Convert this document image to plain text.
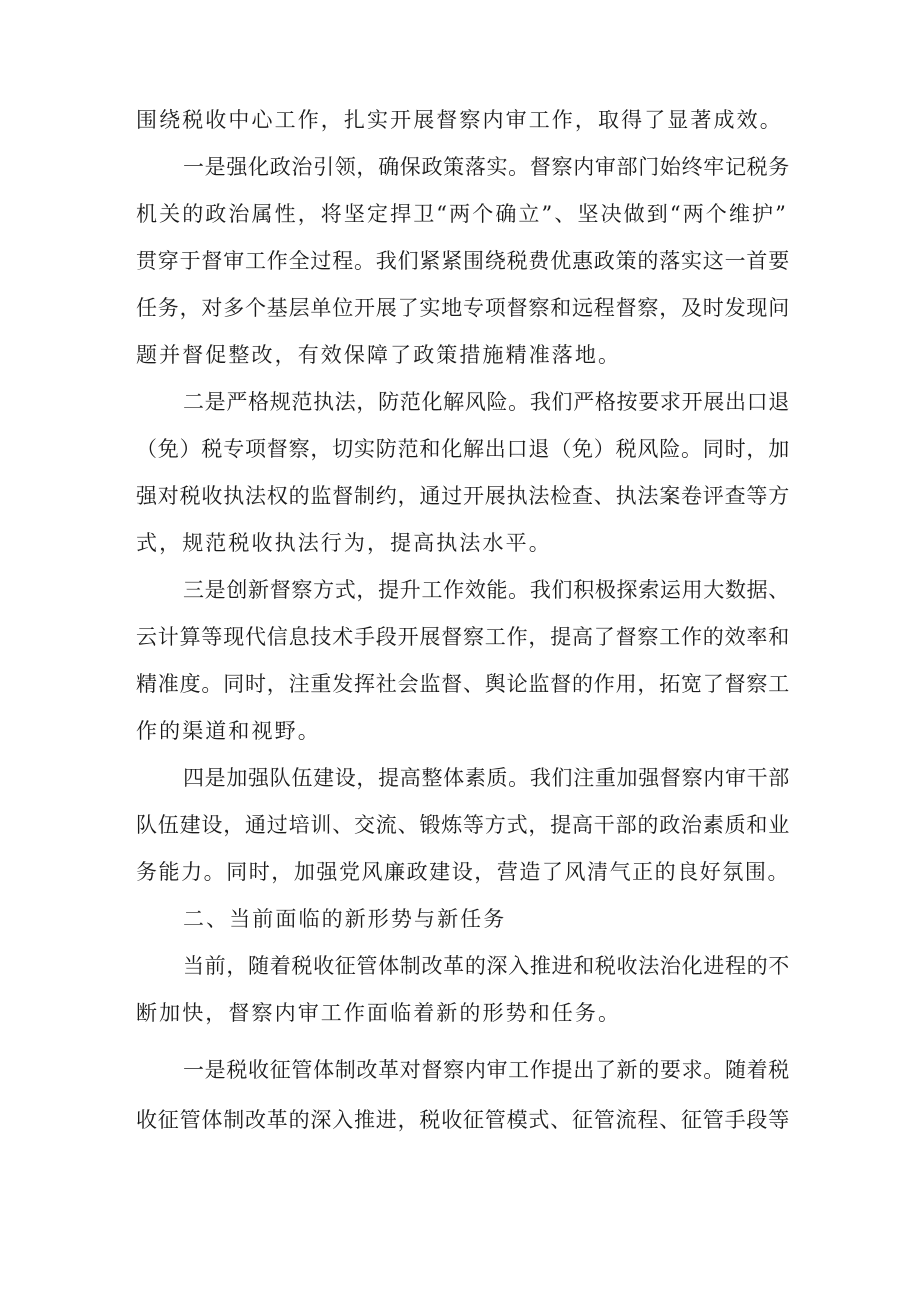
围绕税收中心工作，扎实开展督察内审工作，取得了显著成效。
一是强化政治引领，确保政策落实。督察内审部门始终牢记税务
机关的政治属性，将坚定捍卫“两个确立”、坚决做到“两个维护”
贯穿于督审工作全过程。我们紧紧围绕税费优惠政策的落实这一首要
任务，对多个基层单位开展了实地专项督察和远程督察，及时发现问
题并督促整改，有效保障了政策措施精准落地。
二是严格规范执法，防范化解风险。我们严格按要求开展出口退
（免）税专项督察，切实防范和化解出口退（免）税风险。同时，加
强对税收执法权的监督制约，通过开展执法检查、执法案卷评查等方
式，规范税收执法行为，提高执法水平。
三是创新督察方式，提升工作效能。我们积极探索运用大数据、
云计算等现代信息技术手段开展督察工作，提高了督察工作的效率和
精准度。同时，注重发挥社会监督、舆论监督的作用，拓宽了督察工
作的渠道和视野。
四是加强队伍建设，提高整体素质。我们注重加强督察内审干部
队伍建设，通过培训、交流、锻炼等方式，提高干部的政治素质和业
务能力。同时，加强党风廉政建设，营造了风清气正的良好氛围。
二、当前面临的新形势与新任务
当前，随着税收征管体制改革的深入推进和税收法治化进程的不
断加快，督察内审工作面临着新的形势和任务。
一是税收征管体制改革对督察内审工作提出了新的要求。随着税
收征管体制改革的深入推进，税收征管模式、征管流程、征管手段等
